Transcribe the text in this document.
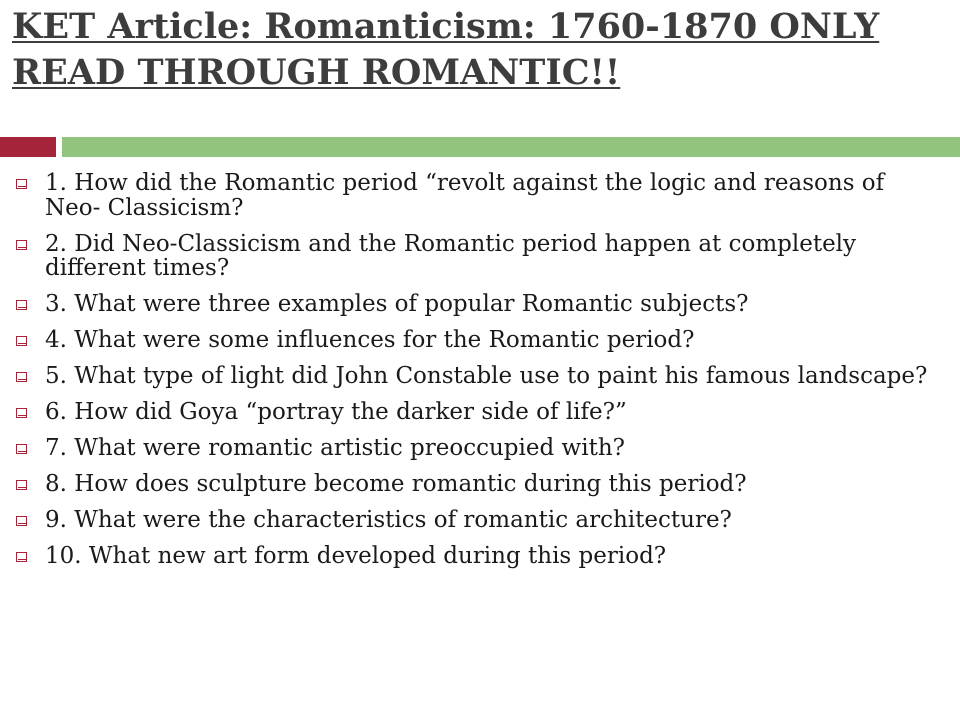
KET Article: Romanticism: 1760-1870 ONLY READ THROUGH ROMANTIC!!
1. How did the Romantic period “revolt against the logic and reasons of Neo- Classicism?
2. Did Neo-Classicism and the Romantic period happen at completely different times?
3. What were three examples of popular Romantic subjects?
4. What were some influences for the Romantic period?
5. What type of light did John Constable use to paint his famous landscape?
6. How did Goya “portray the darker side of life?”
7. What were romantic artistic preoccupied with?
8. How does sculpture become romantic during this period?
9. What were the characteristics of romantic architecture?
10. What new art form developed during this period?
